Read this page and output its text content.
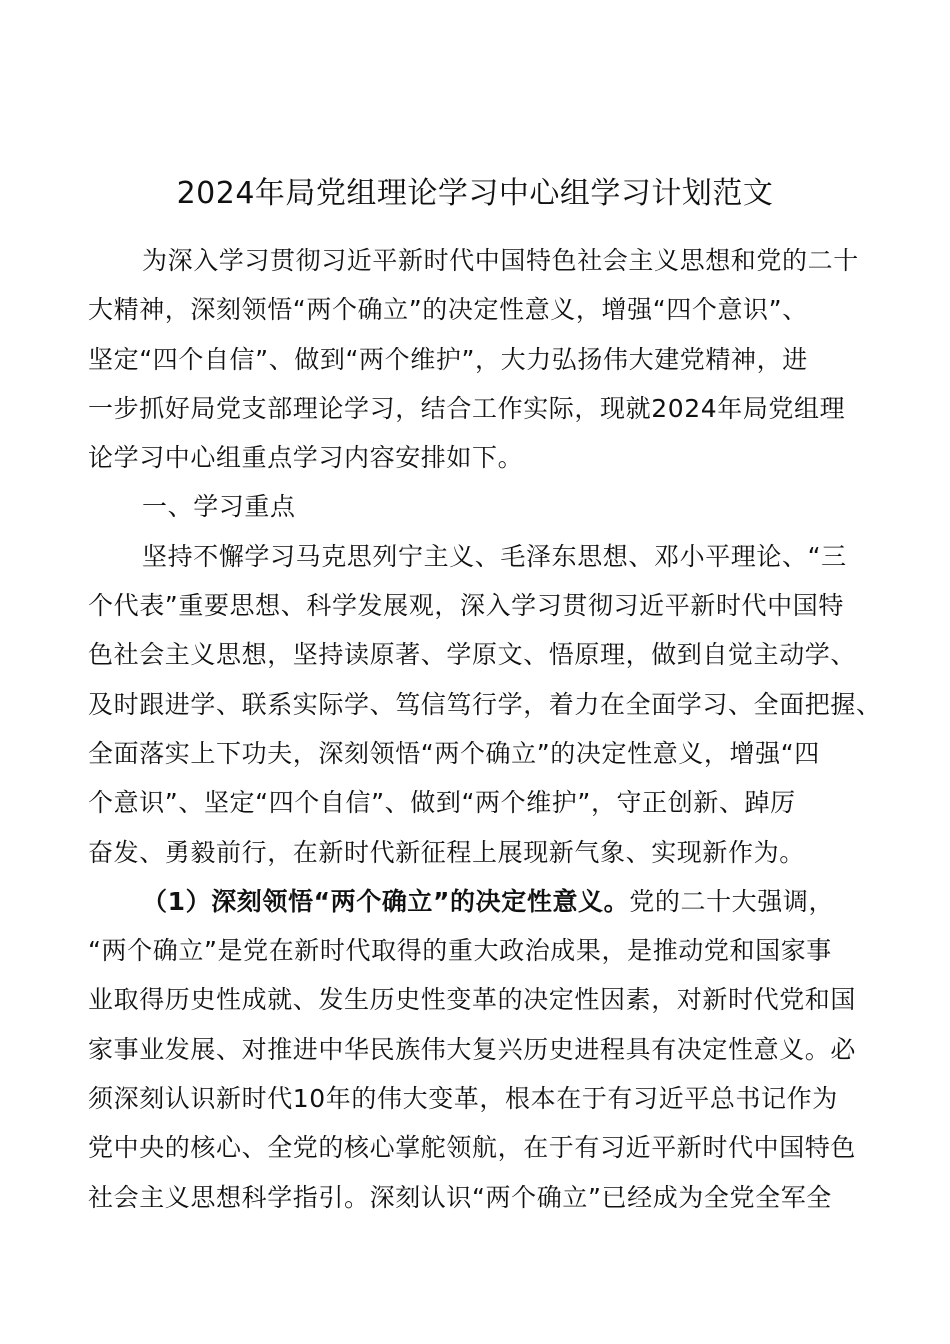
2024年局党组理论学习中心组学习计划范文
为深入学习贯彻习近平新时代中国特色社会主义思想和党的二十
大精神，深刻领悟“两个确立”的决定性意义，增强“四个意识”、
坚定“四个自信”、做到“两个维护”，大力弘扬伟大建党精神，进
一步抓好局党支部理论学习，结合工作实际，现就2024年局党组理
论学习中心组重点学习内容安排如下。
一、学习重点
坚持不懈学习马克思列宁主义、毛泽东思想、邓小平理论、“三
个代表”重要思想、科学发展观，深入学习贯彻习近平新时代中国特
色社会主义思想，坚持读原著、学原文、悟原理，做到自觉主动学、
及时跟进学、联系实际学、笃信笃行学，着力在全面学习、全面把握、
全面落实上下功夫，深刻领悟“两个确立”的决定性意义，增强“四
个意识”、坚定“四个自信”、做到“两个维护”，守正创新、踔厉
奋发、勇毅前行，在新时代新征程上展现新气象、实现新作为。
（1）深刻领悟“两个确立”的决定性意义。党的二十大强调，
“两个确立”是党在新时代取得的重大政治成果，是推动党和国家事
业取得历史性成就、发生历史性变革的决定性因素，对新时代党和国
家事业发展、对推进中华民族伟大复兴历史进程具有决定性意义。必
须深刻认识新时代10年的伟大变革，根本在于有习近平总书记作为
党中央的核心、全党的核心掌舵领航，在于有习近平新时代中国特色
社会主义思想科学指引。深刻认识“两个确立”已经成为全党全军全
